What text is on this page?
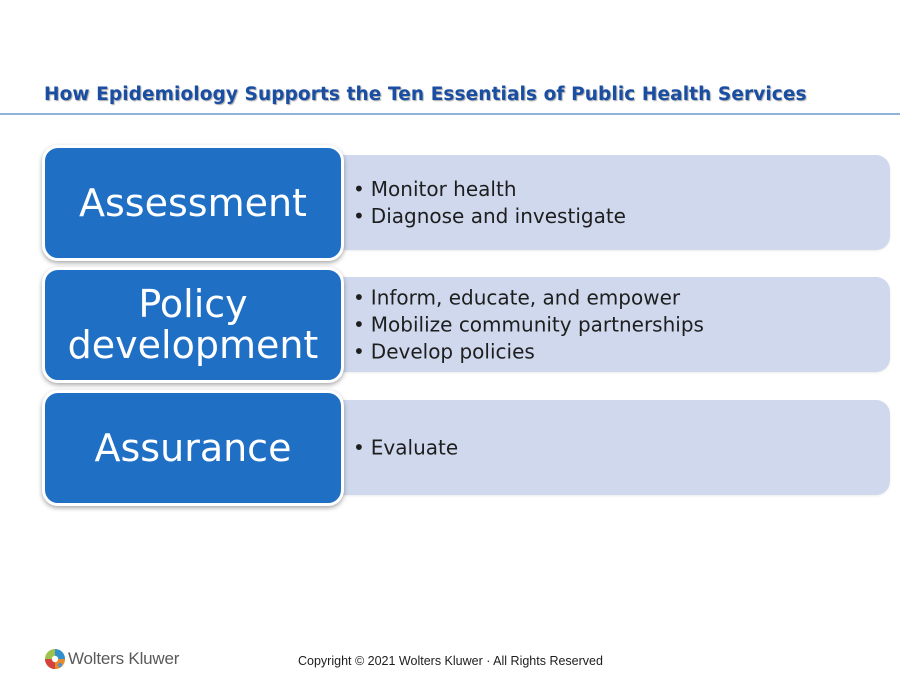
How Epidemiology Supports the Ten Essentials of Public Health Services
• Monitor health
• Diagnose and investigate
Assessment
• Inform, educate, and empower
• Mobilize community partnerships
• Develop policies
Policy
development
• Evaluate
Assurance
Wolters Kluwer	Copyright © 2021 Wolters Kluwer · All Rights Reserved
